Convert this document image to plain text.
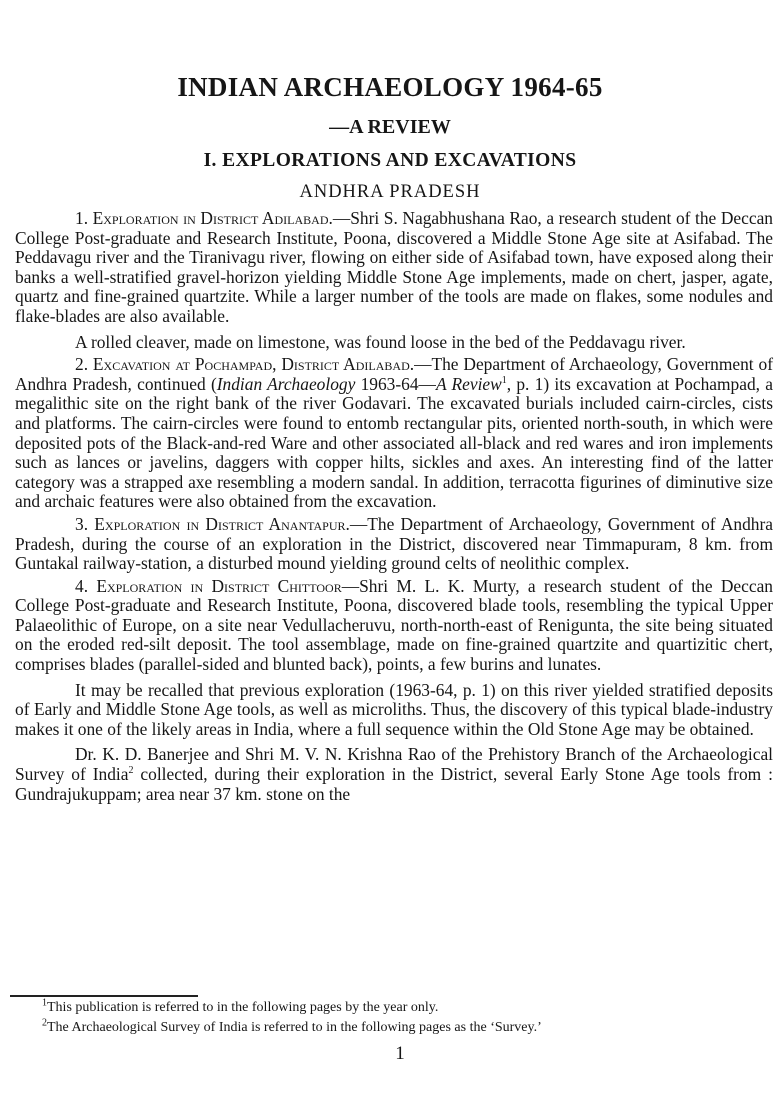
INDIAN ARCHAEOLOGY 1964-65
—A REVIEW
I. EXPLORATIONS AND EXCAVATIONS
ANDHRA PRADESH

1. Exploration in District Adilabad.—Shri S. Nagabhushana Rao, a research student of the Deccan College Post-graduate and Research Institute, Poona, discovered a Middle Stone Age site at Asifabad. The Peddavagu river and the Tiranivagu river, flowing on either side of Asifabad town, have exposed along their banks a well-stratified gravel-horizon yielding Middle Stone Age implements, made on chert, jasper, agate, quartz and fine-grained quartzite. While a larger number of the tools are made on flakes, some nodules and flake-blades are also available.

A rolled cleaver, made on limestone, was found loose in the bed of the Peddavagu river.

2. Excavation at Pochampad, District Adilabad.—The Department of Archaeology, Government of Andhra Pradesh, continued (Indian Archaeology 1963-64—A Review$^1$, p. 1) its excavation at Pochampad, a megalithic site on the right bank of the river Godavari. The excavated burials included cairn-circles, cists and platforms. The cairn-circles were found to entomb rectangular pits, oriented north-south, in which were deposited pots of the Black-and-red Ware and other associated all-black and red wares and iron implements such as lances or javelins, daggers with copper hilts, sickles and axes. An interesting find of the latter category was a strapped axe resembling a modern sandal. In addition, terracotta figurines of diminutive size and archaic features were also obtained from the excavation.

3. Exploration in District Anantapur.—The Department of Archaeology, Government of Andhra Pradesh, during the course of an exploration in the District, discovered near Timmapuram, 8 km. from Guntakal railway-station, a disturbed mound yielding ground celts of neolithic complex.

4. Exploration in District Chittoor—Shri M. L. K. Murty, a research student of the Deccan College Post-graduate and Research Institute, Poona, discovered blade tools, resembling the typical Upper Palaeolithic of Europe, on a site near Vedullacheruvu, north-north-east of Renigunta, the site being situated on the eroded red-silt deposit. The tool assemblage, made on fine-grained quartzite and quartizitic chert, comprises blades (parallel-sided and blunted back), points, a few burins and lunates.

It may be recalled that previous exploration (1963-64, p. 1) on this river yielded stratified deposits of Early and Middle Stone Age tools, as well as microliths. Thus, the discovery of this typical blade-industry makes it one of the likely areas in India, where a full sequence within the Old Stone Age may be obtained.

Dr. K. D. Banerjee and Shri M. V. N. Krishna Rao of the Prehistory Branch of the Archaeological Survey of India$^2$ collected, during their exploration in the District, several Early Stone Age tools from : Gundrajukuppam; area near 37 km. stone on the

$^1$This publication is referred to in the following pages by the year only.
$^2$The Archaeological Survey of India is referred to in the following pages as the ‘Survey.’
1
